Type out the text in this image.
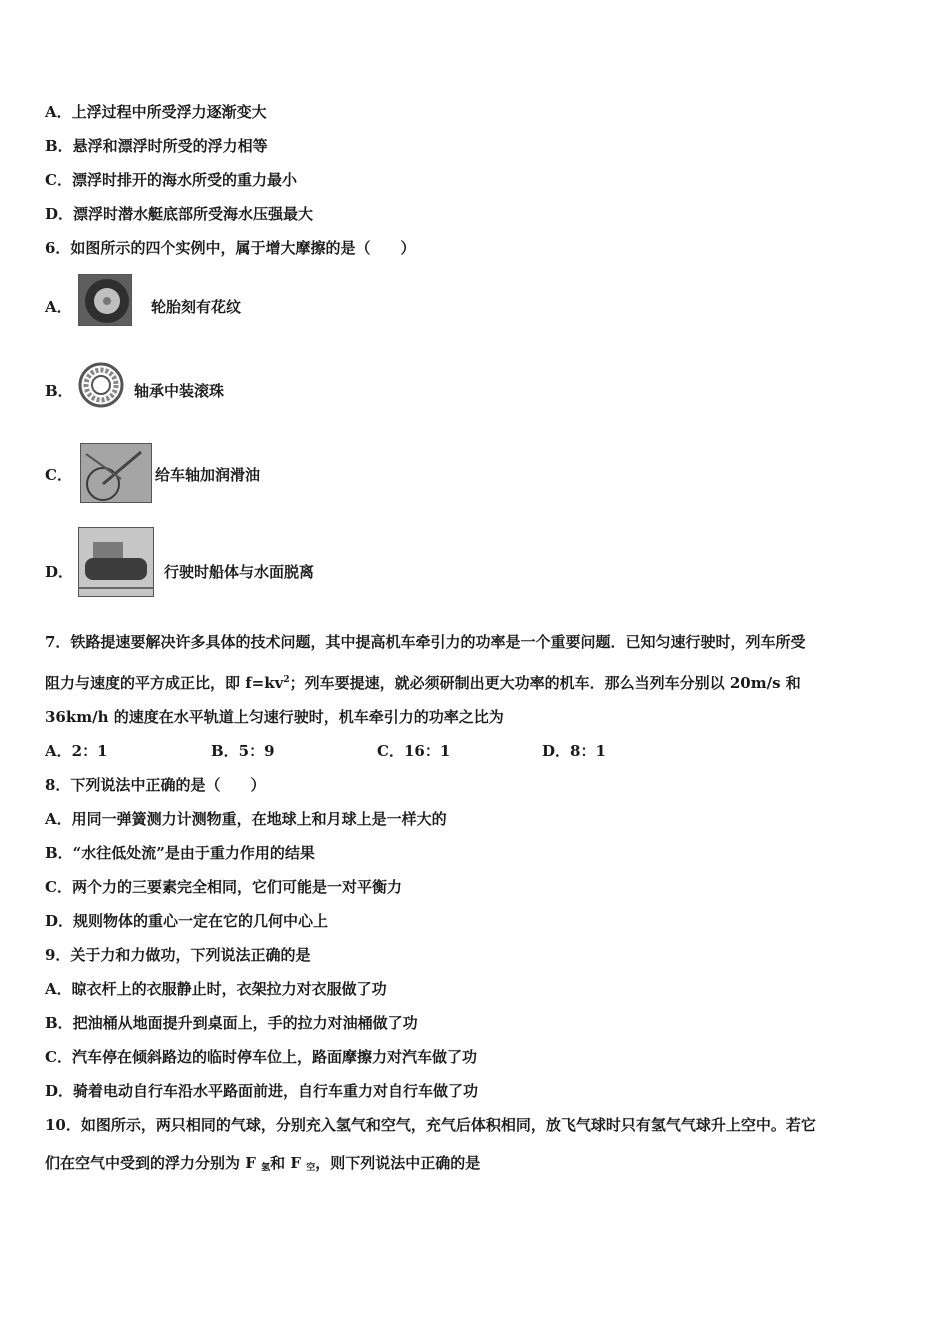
A．上浮过程中所受浮力逐渐变大
B．悬浮和漂浮时所受的浮力相等
C．漂浮时排开的海水所受的重力最小
D．漂浮时潜水艇底部所受海水压强最大
6．如图所示的四个实例中，属于增大摩擦的是（　　）
A．	轮胎刻有花纹
B．	轴承中装滚珠
C．	给车轴加润滑油
D．	行驶时船体与水面脱离
7．铁路提速要解决许多具体的技术问题，其中提高机车牵引力的功率是一个重要问题．已知匀速行驶时，列车所受
阻力与速度的平方成正比，即 $f=kv^2$；列车要提速，就必须研制出更大功率的机车．那么当列车分别以 20m/s 和
36km/h 的速度在水平轨道上匀速行驶时，机车牵引力的功率之比为
A．2：1	B．5：9	C．16：1	D．8：1
8．下列说法中正确的是（　　）
A．用同一弹簧测力计测物重，在地球上和月球上是一样大的
B．“水往低处流”是由于重力作用的结果
C．两个力的三要素完全相同，它们可能是一对平衡力
D．规则物体的重心一定在它的几何中心上
9．关于力和力做功，下列说法正确的是
A．晾衣杆上的衣服静止时，衣架拉力对衣服做了功
B．把油桶从地面提升到桌面上，手的拉力对油桶做了功
C．汽车停在倾斜路边的临时停车位上，路面摩擦力对汽车做了功
D．骑着电动自行车沿水平路面前进，自行车重力对自行车做了功
10．如图所示，两只相同的气球，分别充入氢气和空气，充气后体积相同，放飞气球时只有氢气气球升上空中。若它
们在空气中受到的浮力分别为 F $_氢$和 F $_空$，则下列说法中正确的是
